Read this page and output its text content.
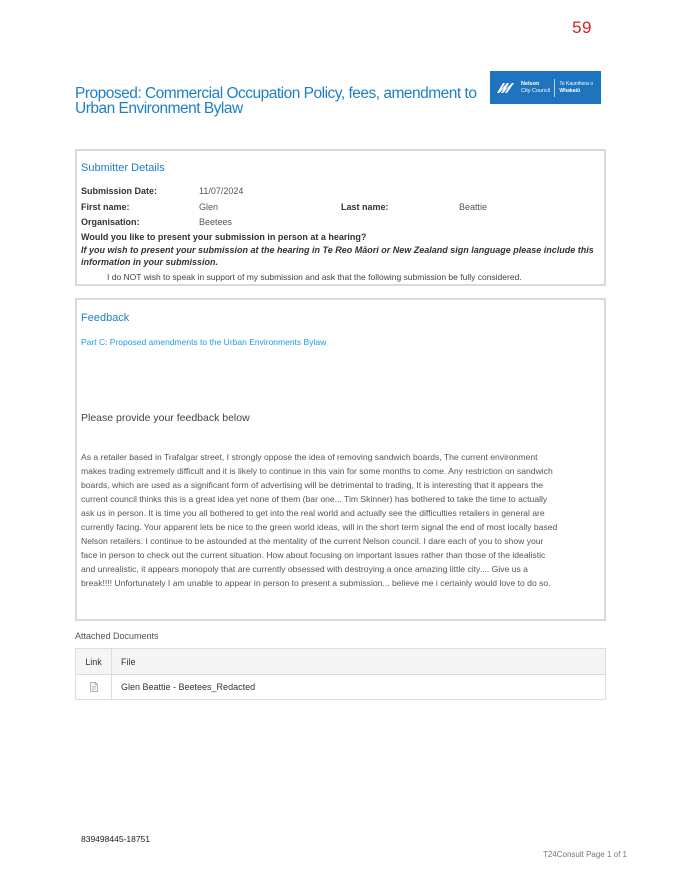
59
Proposed: Commercial Occupation Policy, fees, amendment to Urban Environment Bylaw
Nelson
City Council
Te Kaunihera o
Whakatū
Submitter Details
Submission Date:	11/07/2024
First name:	Glen	Last name:	Beattie
Organisation:	Beetees
Would you like to present your submission in person at a hearing?
If you wish to present your submission at the hearing in Te Reo Māori or New Zealand sign language please include this information in your submission.
I do NOT wish to speak in support of my submission and ask that the following submission be fully considered.
Feedback
Part C: Proposed amendments to the Urban Environments Bylaw
Please provide your feedback below
As a retailer based in Trafalgar street, I strongly oppose the idea of removing sandwich boards, The current environment makes trading extremely difficult and it is likely to continue in this vain for some months to come. Any restriction on sandwich boards, which are used as a significant form of advertising will be detrimental to trading, It is interesting that it appears the current council thinks this is a great idea yet none of them (bar one... Tim Skinner) has bothered to take the time to actually ask us in person. It is time you all bothered to get into the real world and actually see the difficulties retailers in general are currently facing. Your apparent lets be nice to the green world ideas, will in the short term signal the end of most locally based Nelson retailers. I continue to be astounded at the mentality of the current Nelson council. I dare each of you to show your face in person to check out the current situation. How about focusing on important issues rather than those of the idealistic and unrealistic, it appears monopoly that are currently obsessed with destroying a once amazing little city.... Give us a break!!!! Unfortunately I am unable to appear in person to present a submission... believe me i certainly would love to do so.
Attached Documents
Link	File
Glen Beattie - Beetees_Redacted
839498445-18751
T24Consult Page 1 of 1
